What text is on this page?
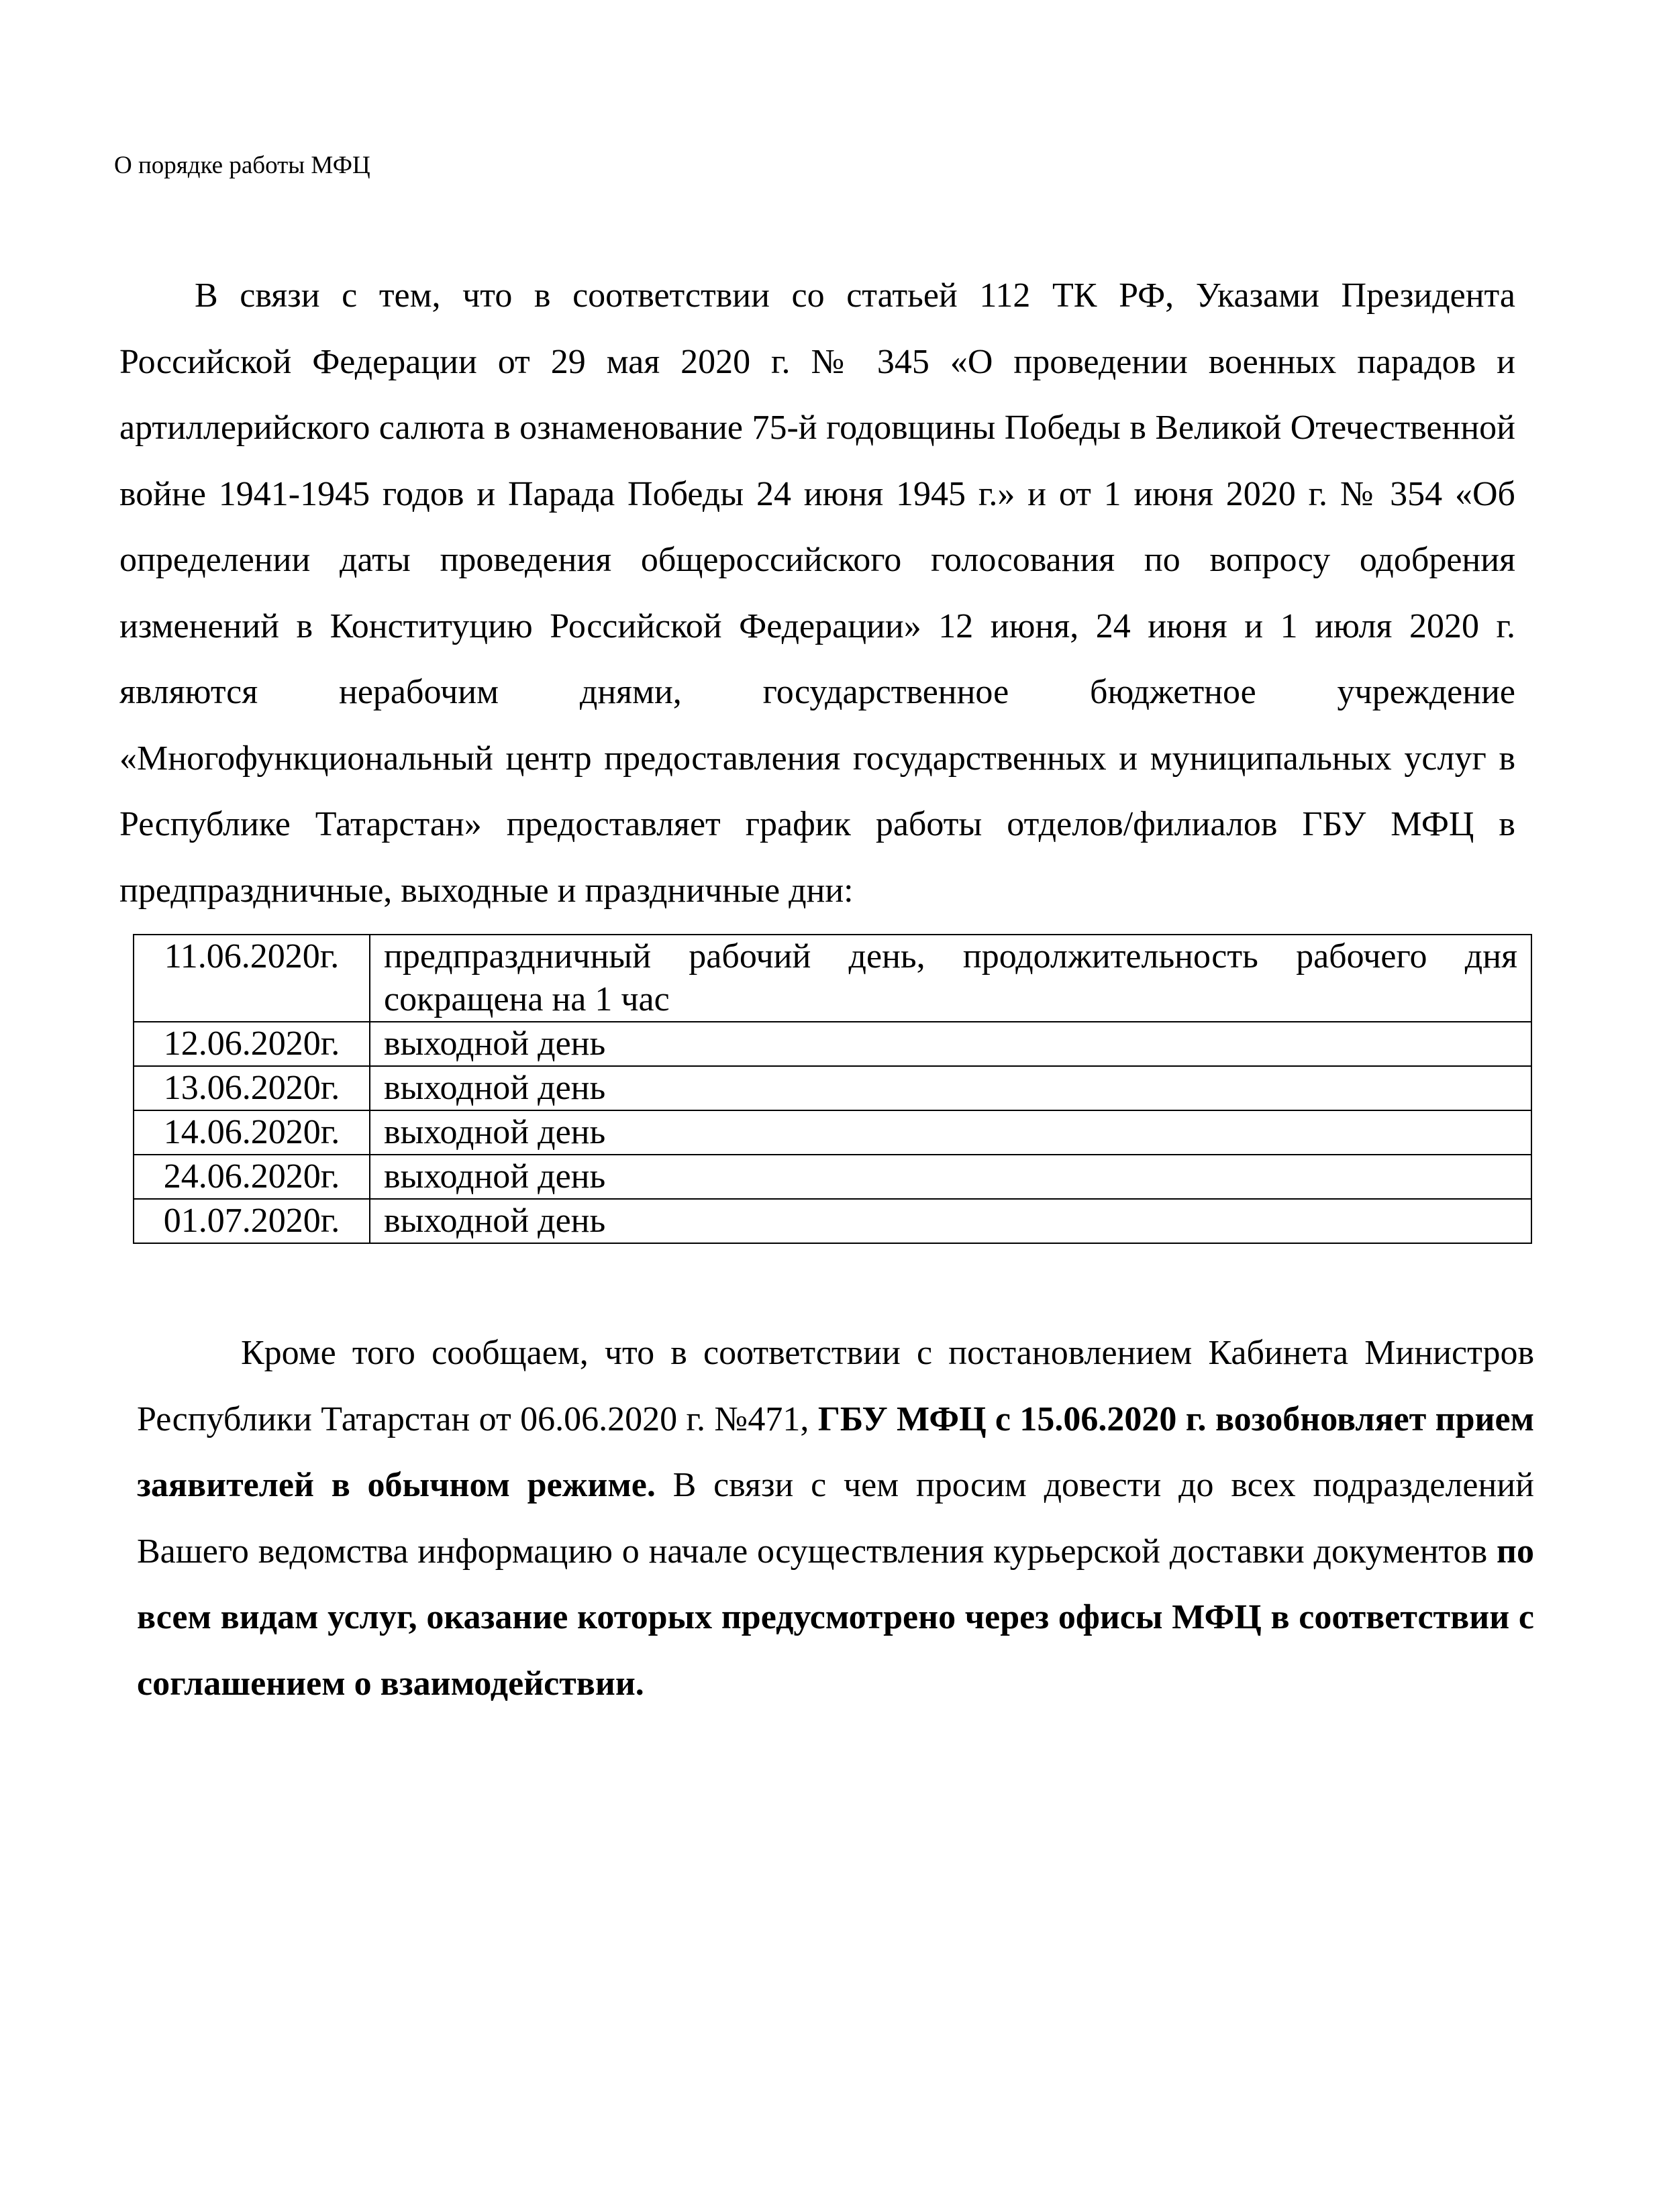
О порядке работы МФЦ

В связи с тем, что в соответствии со статьей 112 ТК РФ, Указами Президента Российской Федерации от 29 мая 2020 г. № 345 «О проведении военных парадов и артиллерийского салюта в ознаменование 75-й годовщины Победы в Великой Отечественной войне 1941-1945 годов и Парада Победы 24 июня 1945 г.» и от 1 июня 2020 г. № 354 «Об определении даты проведения общероссийского голосования по вопросу одобрения изменений в Конституцию Российской Федерации» 12 июня, 24 июня и 1 июля 2020 г. являются нерабочим днями, государственное бюджетное учреждение «Многофункциональный центр предоставления государственных и муниципальных услуг в Республике Татарстан» предоставляет график работы отделов/филиалов ГБУ МФЦ в предпраздничные, выходные и праздничные дни:

11.06.2020г.	предпраздничный рабочий день, продолжительность рабочего дня сокращена на 1 час
12.06.2020г.	выходной день
13.06.2020г.	выходной день
14.06.2020г.	выходной день
24.06.2020г.	выходной день
01.07.2020г.	выходной день

Кроме того сообщаем, что в соответствии с постановлением Кабинета Министров Республики Татарстан от 06.06.2020 г. №471, ГБУ МФЦ с 15.06.2020 г. возобновляет прием заявителей в обычном режиме. В связи с чем просим довести до всех подразделений Вашего ведомства информацию о начале осуществления курьерской доставки документов по всем видам услуг, оказание которых предусмотрено через офисы МФЦ в соответствии с соглашением о взаимодействии.
